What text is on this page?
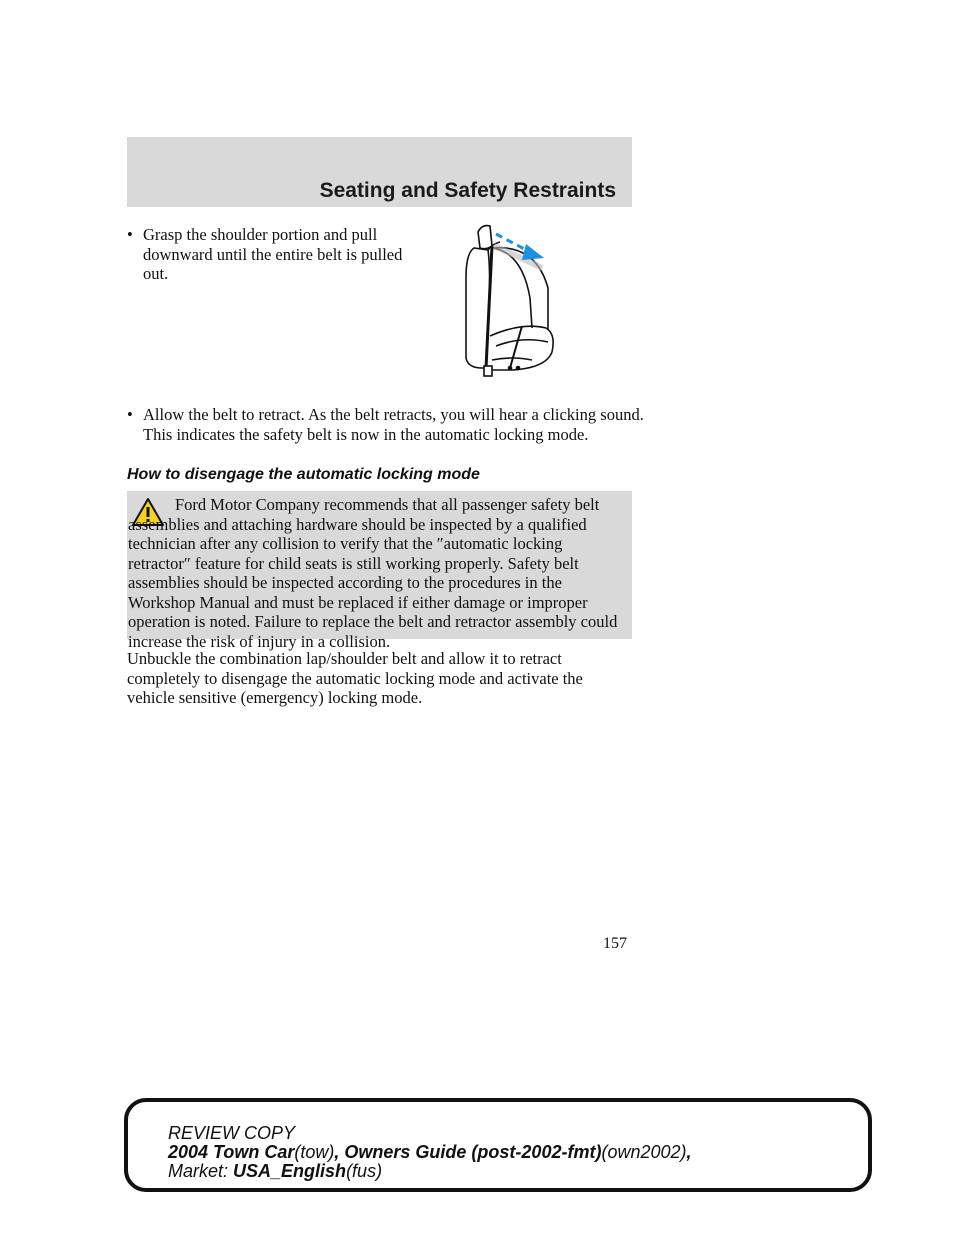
Seating and Safety Restraints
• Grasp the shoulder portion and pull downward until the entire belt is pulled out.
• Allow the belt to retract. As the belt retracts, you will hear a clicking sound. This indicates the safety belt is now in the automatic locking mode.
How to disengage the automatic locking mode

Ford Motor Company recommends that all passenger safety belt assemblies and attaching hardware should be inspected by a qualified technician after any collision to verify that the ″automatic locking retractor″ feature for child seats is still working properly. Safety belt assemblies should be inspected according to the procedures in the Workshop Manual and must be replaced if either damage or improper operation is noted. Failure to replace the belt and retractor assembly could increase the risk of injury in a collision.

Unbuckle the combination lap/shoulder belt and allow it to retract completely to disengage the automatic locking mode and activate the vehicle sensitive (emergency) locking mode.

157
REVIEW COPY
2004 Town Car(tow), Owners Guide (post-2002-fmt)(own2002),
Market: USA_English(fus)
